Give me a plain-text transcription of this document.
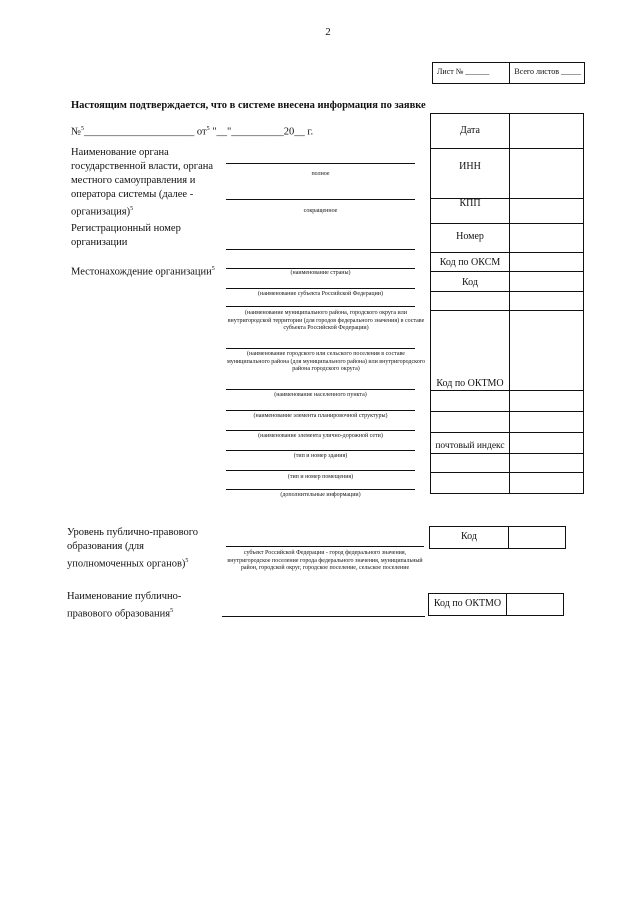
2
Лист № ______	Всего листов _____
Настоящим подтверждается, что в системе внесена информация по заявке
№$^5$_____________________ $от^5$ "__"__________20__ г.
Наименование органа государственной власти, органа местного самоуправления и оператора системы (далее - организация)$^5$
полное
сокращенное
Регистрационный номер организации
Местонахождение организации$^5$
(наименование страны)
(наименование субъекта Российской Федерации)
(наименование муниципального района, городского округа или внутригородской территории (для городов федерального значения) в составе субъекта Российской Федерации)
(наименование городского или сельского поселения в составе муниципального района (для муниципального района) или внутригородского района городского округа)
(наименование населенного пункта)
(наименование элемента планировочной структуры)
(наименование элемента улично-дорожной сети)
(тип и номер здания)
(тип и номер помещения)
(дополнительные информации)
Дата
ИНН
КПП
Номер
Код по ОКСМ
Код
Код по ОКТМО
почтовый индекс
Уровень публично-правового образования (для уполномоченных органов)$^5$
субъект Российской Федерации - город федерального значения, внутригородское поселение города федерального значения, муниципальный район, городской округ, городское поселение, сельское поселение
Код
Наименование публично-правового образования$^5$
Код по ОКТМО
